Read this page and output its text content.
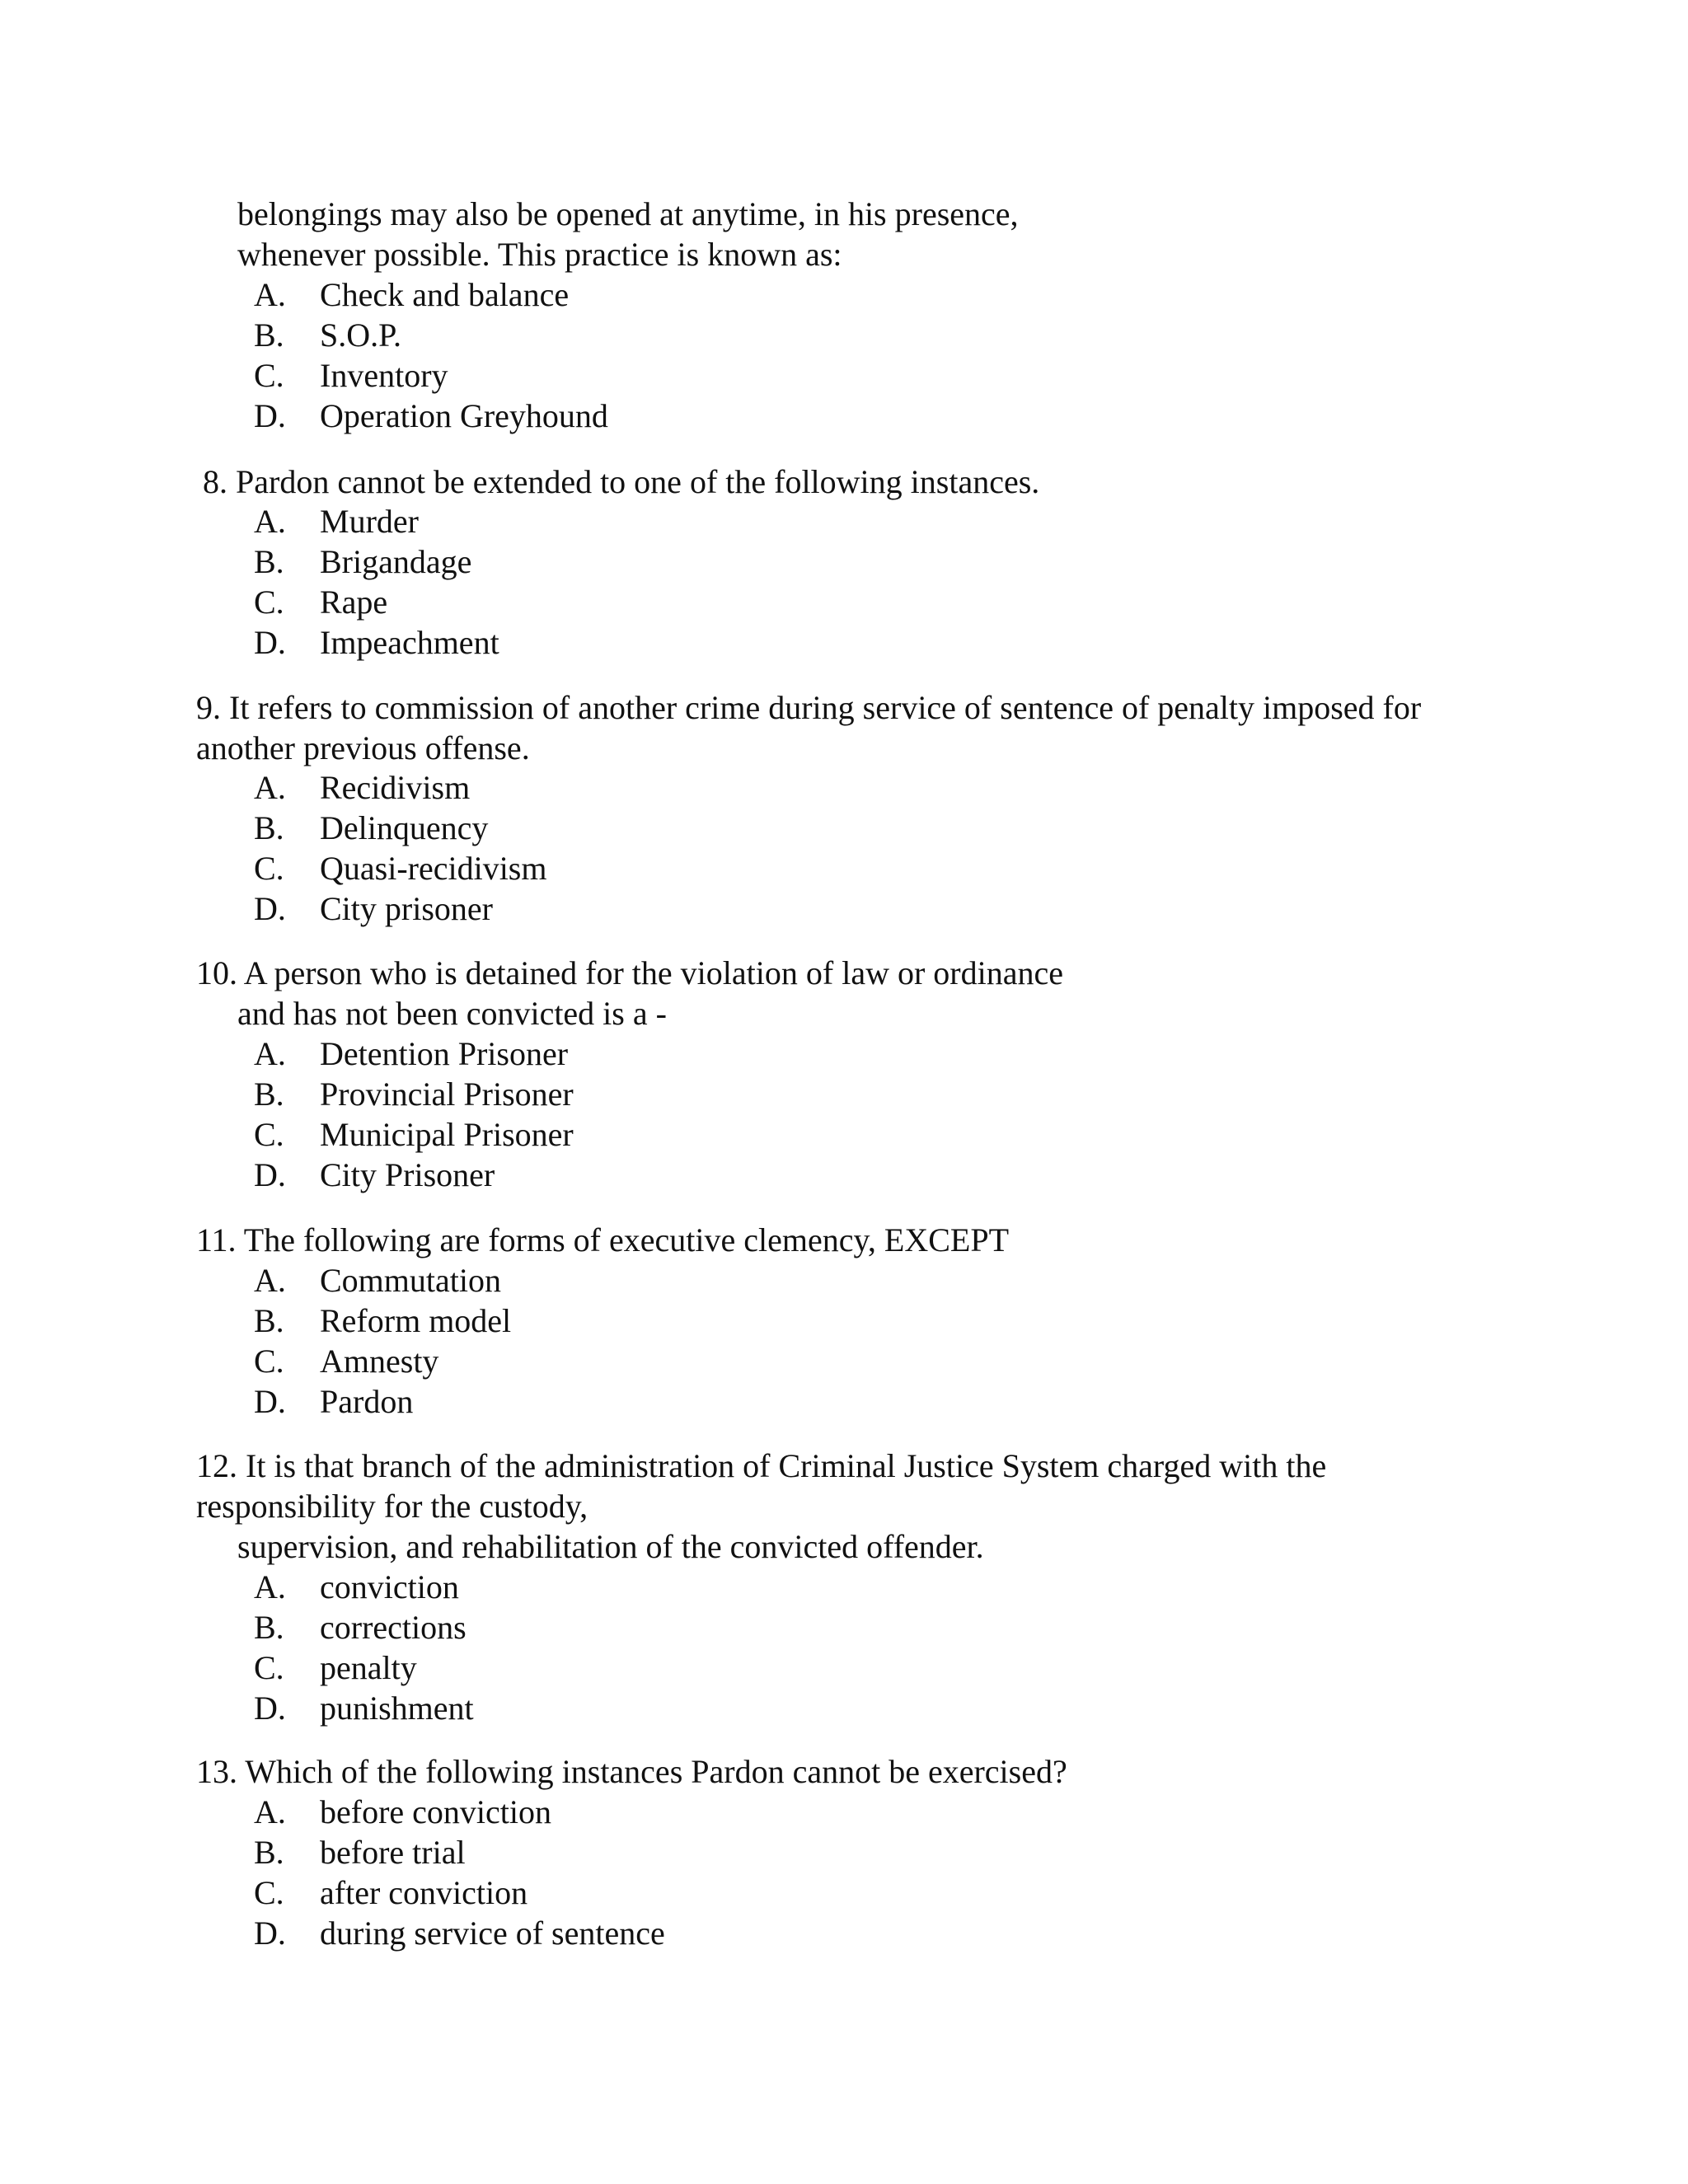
belongings may also be opened at anytime, in his presence,
whenever possible. This practice is known as:
A. Check and balance
B. S.O.P.
C. Inventory
D. Operation Greyhound
8. Pardon cannot be extended to one of the following instances.
A. Murder
B. Brigandage
C. Rape
D. Impeachment
9. It refers to commission of another crime during service of sentence of penalty imposed for
another previous offense.
A. Recidivism
B. Delinquency
C. Quasi-recidivism
D. City prisoner
10. A person who is detained for the violation of law or ordinance
and has not been convicted is a -
A. Detention Prisoner
B. Provincial Prisoner
C. Municipal Prisoner
D. City Prisoner
11. The following are forms of executive clemency, EXCEPT
A. Commutation
B. Reform model
C. Amnesty
D. Pardon
12. It is that branch of the administration of Criminal Justice System charged with the
responsibility for the custody,
supervision, and rehabilitation of the convicted offender.
A. conviction
B. corrections
C. penalty
D. punishment
13. Which of the following instances Pardon cannot be exercised?
A. before conviction
B. before trial
C. after conviction
D. during service of sentence
